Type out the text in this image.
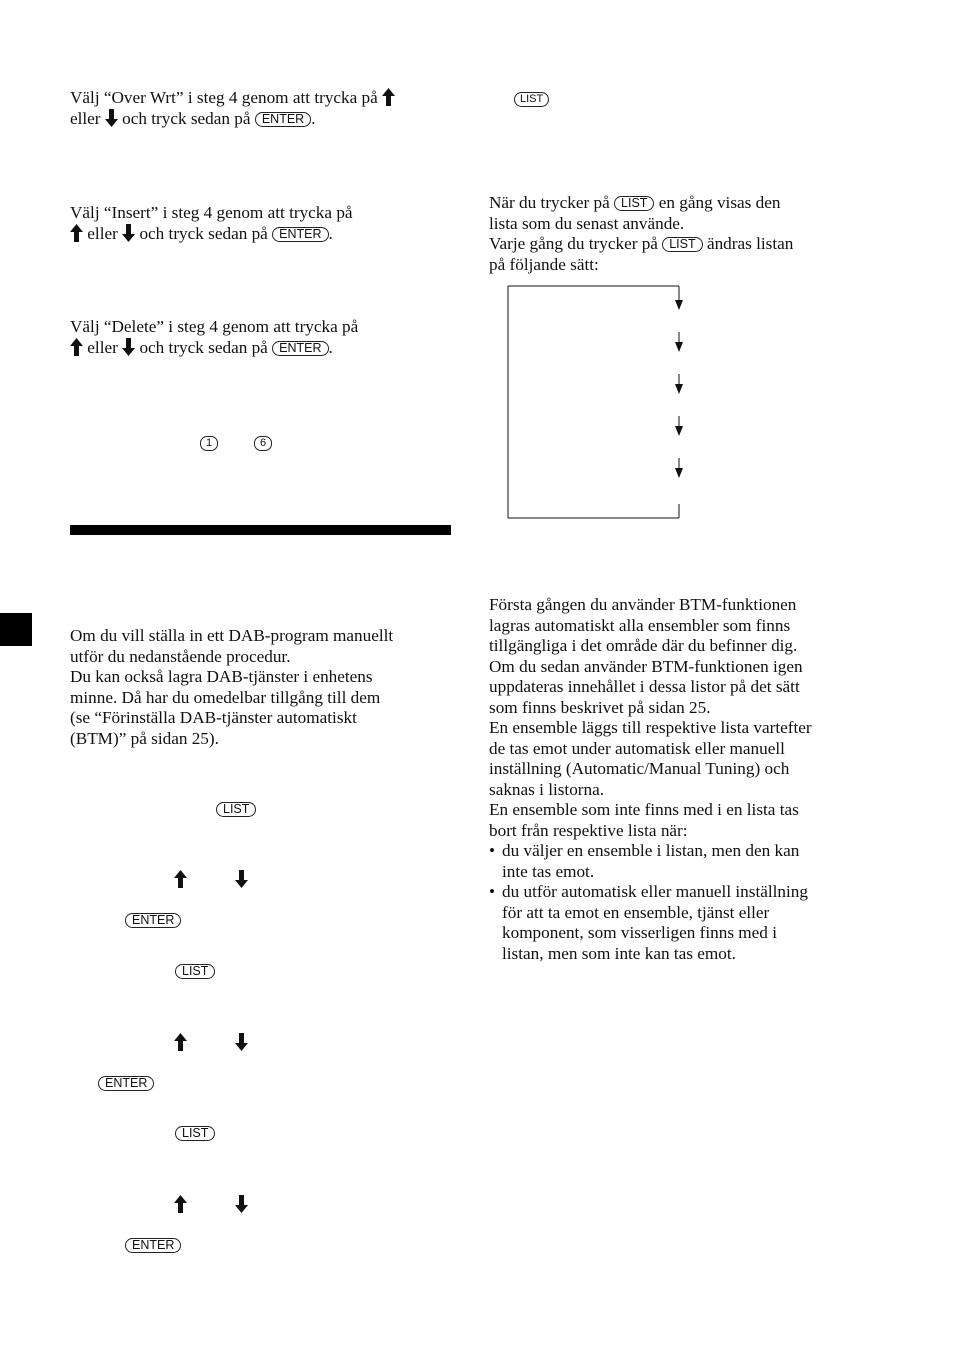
Välj “Over Wrt” i steg 4 genom att trycka på
eller och tryck sedan på ENTER .
Välj “Insert” i steg 4 genom att trycka på
eller och tryck sedan på ENTER .
Välj “Delete” i steg 4 genom att trycka på
eller och tryck sedan på ENTER .
1	6
Om du vill ställa in ett DAB-program manuellt
utför du nedanstående procedur.
Du kan också lagra DAB-tjänster i enhetens
minne. Då har du omedelbar tillgång till dem
(se “Förinställa DAB-tjänster automatiskt
(BTM)” på sidan 25).
LIST
ENTER
LIST
ENTER
LIST
ENTER
LIST
När du trycker på LIST en gång visas den
lista som du senast använde.
Varje gång du trycker på LIST ändras listan
på följande sätt:
Första gången du använder BTM-funktionen
lagras automatiskt alla ensembler som finns
tillgängliga i det område där du befinner dig.
Om du sedan använder BTM-funktionen igen
uppdateras innehållet i dessa listor på det sätt
som finns beskrivet på sidan 25.
En ensemble läggs till respektive lista vartefter
de tas emot under automatisk eller manuell
inställning (Automatic/Manual Tuning) och
saknas i listorna.
En ensemble som inte finns med i en lista tas
bort från respektive lista när:
• du väljer en ensemble i listan, men den kan
inte tas emot.
• du utför automatisk eller manuell inställning
för att ta emot en ensemble, tjänst eller
komponent, som visserligen finns med i
listan, men som inte kan tas emot.
